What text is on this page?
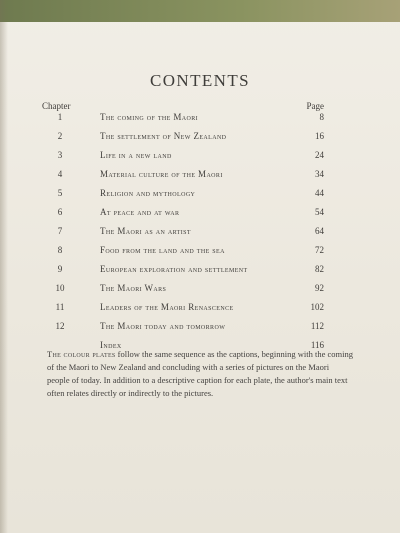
CONTENTS
Chapter	Page
1	The coming of the Maori	8
2	The settlement of New Zealand	16
3	Life in a new land	24
4	Material culture of the Maori	34
5	Religion and mythology	44
6	At peace and at war	54
7	The Maori as an artist	64
8	Food from the land and the sea	72
9	European exploration and settlement	82
10	The Maori Wars	92
11	Leaders of the Maori Renascence	102
12	The Maori today and tomorrow	112
Index	116
The colour plates follow the same sequence as the captions, beginning with the coming of the Maori to New Zealand and concluding with a series of pictures on the Maori people of today. In addition to a descriptive caption for each plate, the author's main text often relates directly or indirectly to the pictures.
